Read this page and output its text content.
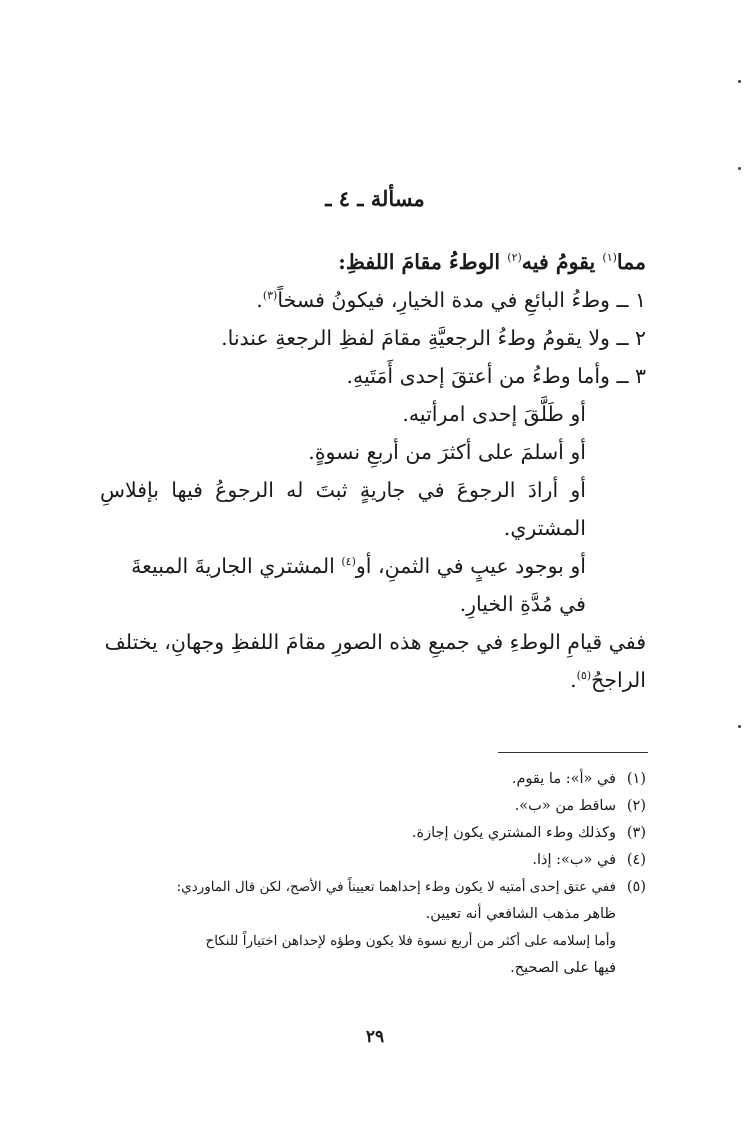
مسألة ـ ٤ ـ
مما$^{(١)}$ يقومُ فيه$^{(٢)}$ الوطءُ مقامَ اللفظِ:
١ ــ وطءُ البائعِ في مدة الخيارِ، فيكونُ فسخاً$^{(٣)}$.
٢ ــ ولا يقومُ وطءُ الرجعيَّةِ مقامَ لفظِ الرجعةِ عندنا.
٣ ــ وأما وطءُ من أعتقَ إحدى أَمَتَيهِ.
أو طَلَّقَ إحدى امرأتيه.
أو أسلمَ على أكثرَ من أربعِ نسوةٍ.
أو أرادَ الرجوعَ في جاريةٍ ثبتَ له الرجوعُ فيها بإفلاسِ
المشتري.
أو بوجود عيبٍ في الثمنِ، أو$^{(٤)}$ المشتري الجاريةَ المبيعةَ
في مُدَّةِ الخيارِ.
ففي قيامِ الوطءِ في جميعِ هذه الصورِ مقامَ اللفظِ وجهانِ، يختلف
الراجحُ$^{(٥)}$.
(١)
في «أ»: ما يقوم.
(٢)
ساقط من «ب».
(٣)
وكذلك وطء المشتري يكون إجازة.
(٤)
في «ب»: إذا.
(٥)
ففي عتق إحدى أمتيه لا يكون وطء إحداهما تعييناً في الأصح، لكن قال الماوردي:
ظاهر مذهب الشافعي أنه تعيين.
وأما إسلامه على أكثر من أربع نسوة فلا يكون وطؤه لإحداهن اختياراً للنكاح
فيها على الصحيح.
٢٩
